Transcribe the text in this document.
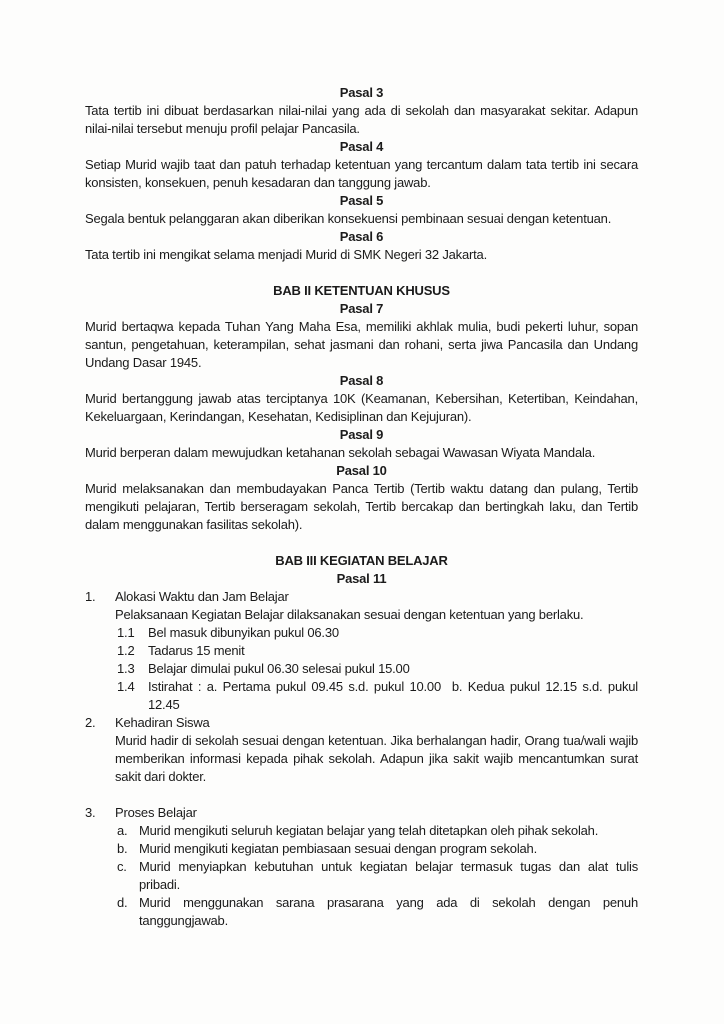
Pasal 3
Tata tertib ini dibuat berdasarkan nilai-nilai yang ada di sekolah dan masyarakat sekitar. Adapun nilai-nilai tersebut menuju profil pelajar Pancasila.
Pasal 4
Setiap Murid wajib taat dan patuh terhadap ketentuan yang tercantum dalam tata tertib ini secara konsisten, konsekuen, penuh kesadaran dan tanggung jawab.
Pasal 5
Segala bentuk pelanggaran akan diberikan konsekuensi pembinaan sesuai dengan ketentuan.
Pasal 6
Tata tertib ini mengikat selama menjadi Murid di SMK Negeri 32 Jakarta.
BAB II KETENTUAN KHUSUS
Pasal 7
Murid bertaqwa kepada Tuhan Yang Maha Esa, memiliki akhlak mulia, budi pekerti luhur, sopan santun, pengetahuan, keterampilan, sehat jasmani dan rohani, serta jiwa Pancasila dan Undang Undang Dasar 1945.
Pasal 8
Murid bertanggung jawab atas terciptanya 10K (Keamanan, Kebersihan, Ketertiban, Keindahan, Kekeluargaan, Kerindangan, Kesehatan, Kedisiplinan dan Kejujuran).
Pasal 9
Murid berperan dalam mewujudkan ketahanan sekolah sebagai Wawasan Wiyata Mandala.
Pasal 10
Murid melaksanakan dan membudayakan Panca Tertib (Tertib waktu datang dan pulang, Tertib mengikuti pelajaran, Tertib berseragam sekolah, Tertib bercakap dan bertingkah laku, dan Tertib dalam menggunakan fasilitas sekolah).
BAB III KEGIATAN BELAJAR
Pasal 11
1.	Alokasi Waktu dan Jam Belajar
Pelaksanaan Kegiatan Belajar dilaksanakan sesuai dengan ketentuan yang berlaku.
1.1	Bel masuk dibunyikan pukul 06.30
1.2	Tadarus 15 menit
1.3	Belajar dimulai pukul 06.30 selesai pukul 15.00
1.4	Istirahat : a. Pertama pukul 09.45 s.d. pukul 10.00  b. Kedua pukul 12.15 s.d. pukul 12.45
2.	Kehadiran Siswa
Murid hadir di sekolah sesuai dengan ketentuan. Jika berhalangan hadir, Orang tua/wali wajib memberikan informasi kepada pihak sekolah. Adapun jika sakit wajib mencantumkan surat sakit dari dokter.
3.	Proses Belajar
a. Murid mengikuti seluruh kegiatan belajar yang telah ditetapkan oleh pihak sekolah.
b. Murid mengikuti kegiatan pembiasaan sesuai dengan program sekolah.
c. Murid menyiapkan kebutuhan untuk kegiatan belajar termasuk tugas dan alat tulis pribadi.
d. Murid menggunakan sarana prasarana yang ada di sekolah dengan penuh tanggungjawab.
